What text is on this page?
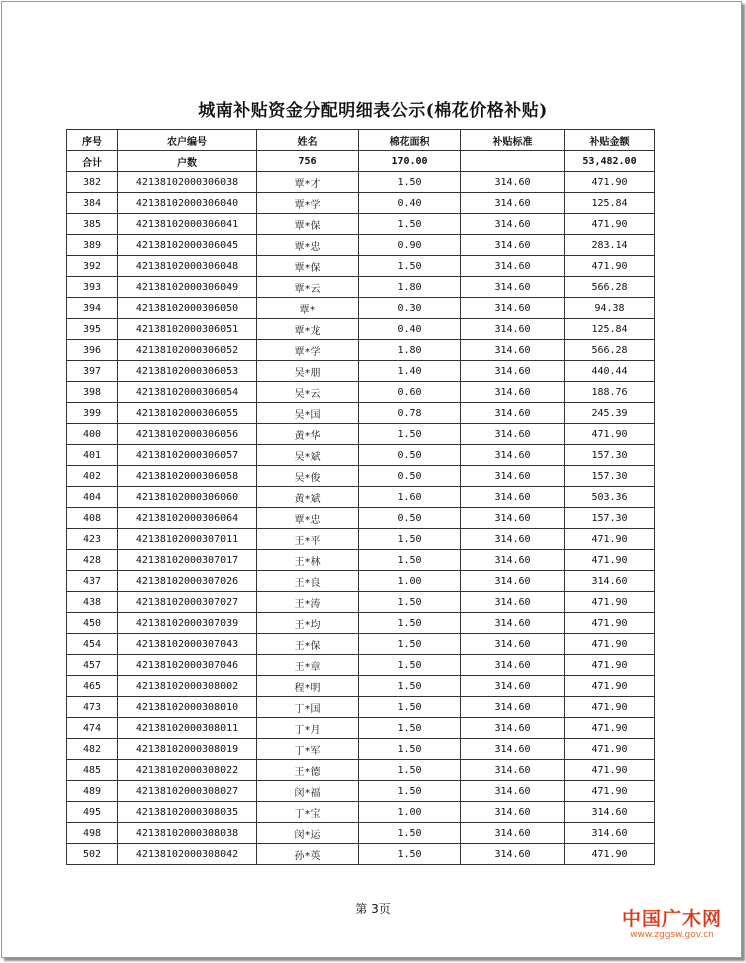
城南补贴资金分配明细表公示(棉花价格补贴)
序号	农户编号	姓名	棉花面积	补贴标准	补贴金额
合计	户数	756	170.00		53,482.00
382	42138102000306038	覃*才	1.50	314.60	471.90
384	42138102000306040	覃*学	0.40	314.60	125.84
385	42138102000306041	覃*保	1.50	314.60	471.90
389	42138102000306045	覃*忠	0.90	314.60	283.14
392	42138102000306048	覃*保	1.50	314.60	471.90
393	42138102000306049	覃*云	1.80	314.60	566.28
394	42138102000306050	覃*	0.30	314.60	94.38
395	42138102000306051	覃*龙	0.40	314.60	125.84
396	42138102000306052	覃*学	1.80	314.60	566.28
397	42138102000306053	吴*朋	1.40	314.60	440.44
398	42138102000306054	吴*云	0.60	314.60	188.76
399	42138102000306055	吴*国	0.78	314.60	245.39
400	42138102000306056	黄*华	1.50	314.60	471.90
401	42138102000306057	吴*斌	0.50	314.60	157.30
402	42138102000306058	吴*俊	0.50	314.60	157.30
404	42138102000306060	黄*斌	1.60	314.60	503.36
408	42138102000306064	覃*忠	0.50	314.60	157.30
423	42138102000307011	王*平	1.50	314.60	471.90
428	42138102000307017	王*林	1.50	314.60	471.90
437	42138102000307026	王*良	1.00	314.60	314.60
438	42138102000307027	王*涛	1.50	314.60	471.90
450	42138102000307039	王*均	1.50	314.60	471.90
454	42138102000307043	王*保	1.50	314.60	471.90
457	42138102000307046	王*章	1.50	314.60	471.90
465	42138102000308002	程*明	1.50	314.60	471.90
473	42138102000308010	丁*国	1.50	314.60	471.90
474	42138102000308011	丁*月	1.50	314.60	471.90
482	42138102000308019	丁*军	1.50	314.60	471.90
485	42138102000308022	王*德	1.50	314.60	471.90
489	42138102000308027	闵*福	1.50	314.60	471.90
495	42138102000308035	丁*宝	1.00	314.60	314.60
498	42138102000308038	闵*运	1.50	314.60	314.60
502	42138102000308042	孙*英	1.50	314.60	471.90
第 3页	中国广木网
www.zggsw.gov.cn
